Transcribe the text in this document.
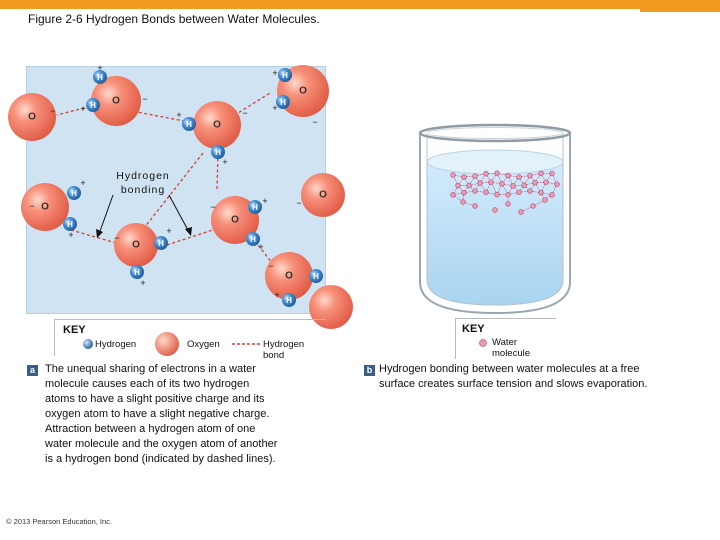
Figure 2-6 Hydrogen Bonds between Water Molecules.
O
H
H
+
+
−
O
H
H
+
+
−
O
H
H
+
+
−
O
−
O
H
H
+
+
−
O
H
H
+
+
−
O
−
O H
H
+
+
−
O	H
H
+
−
Hydrogen bonding
KEY
Hydrogen	Oxygen	Hydrogen bond
KEY
Water molecule
a The unequal sharing of electrons in a water
molecule causes each of its two hydrogen
atoms to have a slight positive charge and its
oxygen atom to have a slight negative charge.
Attraction between a hydrogen atom of one
water molecule and the oxygen atom of another
is a hydrogen bond (indicated by dashed lines).
b Hydrogen bonding between water molecules at a free
surface creates surface tension and slows evaporation.
© 2013 Pearson Education, Inc.
